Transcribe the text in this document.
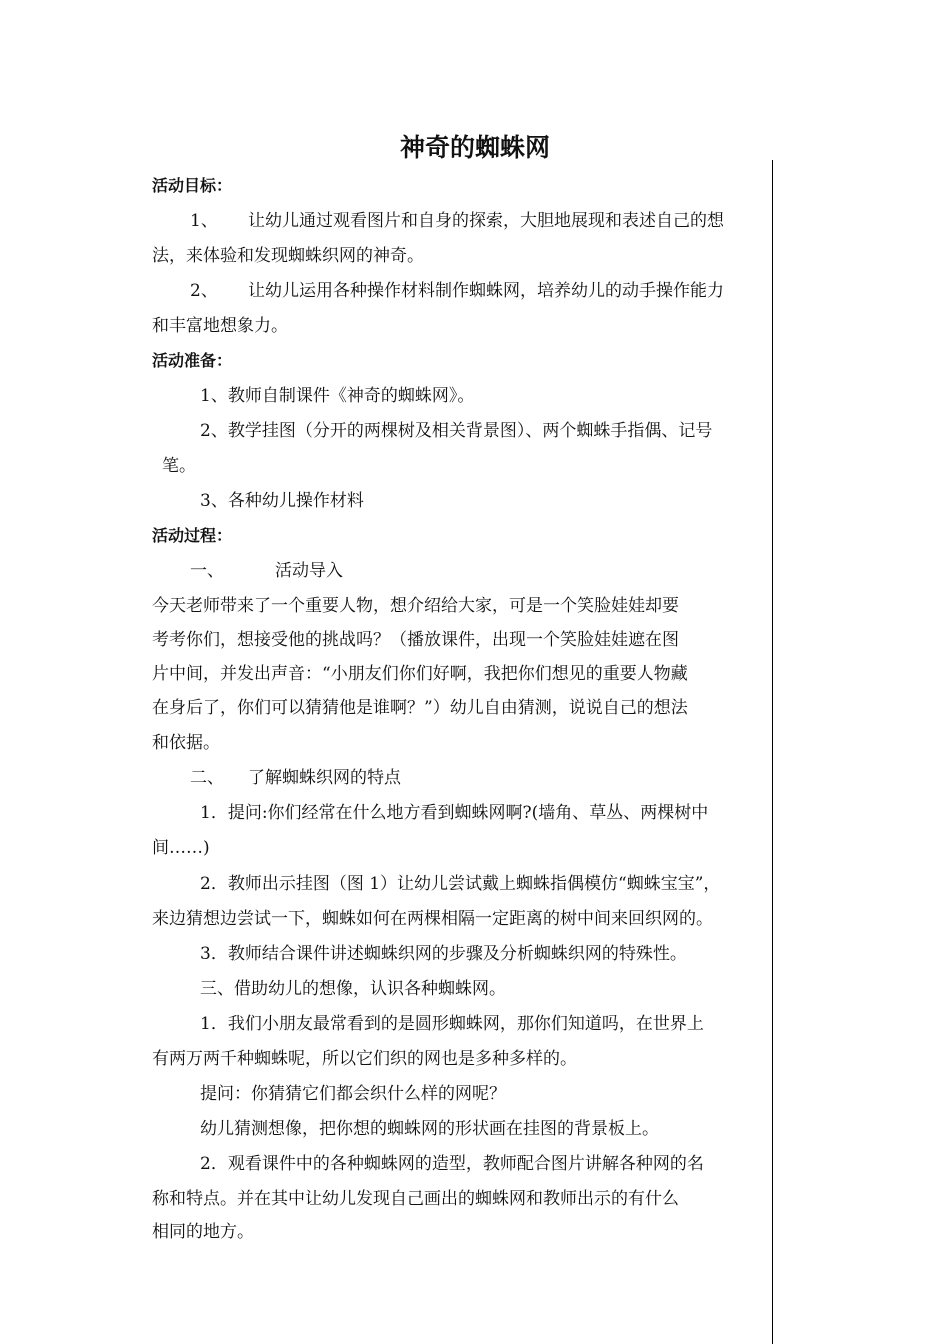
神奇的蜘蛛网
活动目标：
1、 让幼儿通过观看图片和自身的探索，大胆地展现和表述自己的想
法，来体验和发现蜘蛛织网的神奇。
2、 让幼儿运用各种操作材料制作蜘蛛网，培养幼儿的动手操作能力
和丰富地想象力。
活动准备：
1、教师自制课件《神奇的蜘蛛网》。
2、教学挂图（分开的两棵树及相关背景图）、两个蜘蛛手指偶、记号
笔。
3、各种幼儿操作材料
活动过程：
一、	活动导入
今天老师带来了一个重要人物，想介绍给大家，可是一个笑脸娃娃却要
考考你们，想接受他的挑战吗？（播放课件，出现一个笑脸娃娃遮在图
片中间，并发出声音：“小朋友们你们好啊，我把你们想见的重要人物藏
在身后了，你们可以猜猜他是谁啊？”）幼儿自由猜测，说说自己的想法
和依据。
二、 了解蜘蛛织网的特点
1．提问:你们经常在什么地方看到蜘蛛网啊?(墙角、草丛、两棵树中
间……)
2．教师出示挂图（图 1）让幼儿尝试戴上蜘蛛指偶模仿“蜘蛛宝宝”，
来边猜想边尝试一下，蜘蛛如何在两棵相隔一定距离的树中间来回织网的。
3．教师结合课件讲述蜘蛛织网的步骤及分析蜘蛛织网的特殊性。
三、借助幼儿的想像，认识各种蜘蛛网。
1．我们小朋友最常看到的是圆形蜘蛛网，那你们知道吗，在世界上
有两万两千种蜘蛛呢，所以它们织的网也是多种多样的。
提问：你猜猜它们都会织什么样的网呢？
幼儿猜测想像，把你想的蜘蛛网的形状画在挂图的背景板上。
2．观看课件中的各种蜘蛛网的造型，教师配合图片讲解各种网的名
称和特点。并在其中让幼儿发现自己画出的蜘蛛网和教师出示的有什么
相同的地方。
